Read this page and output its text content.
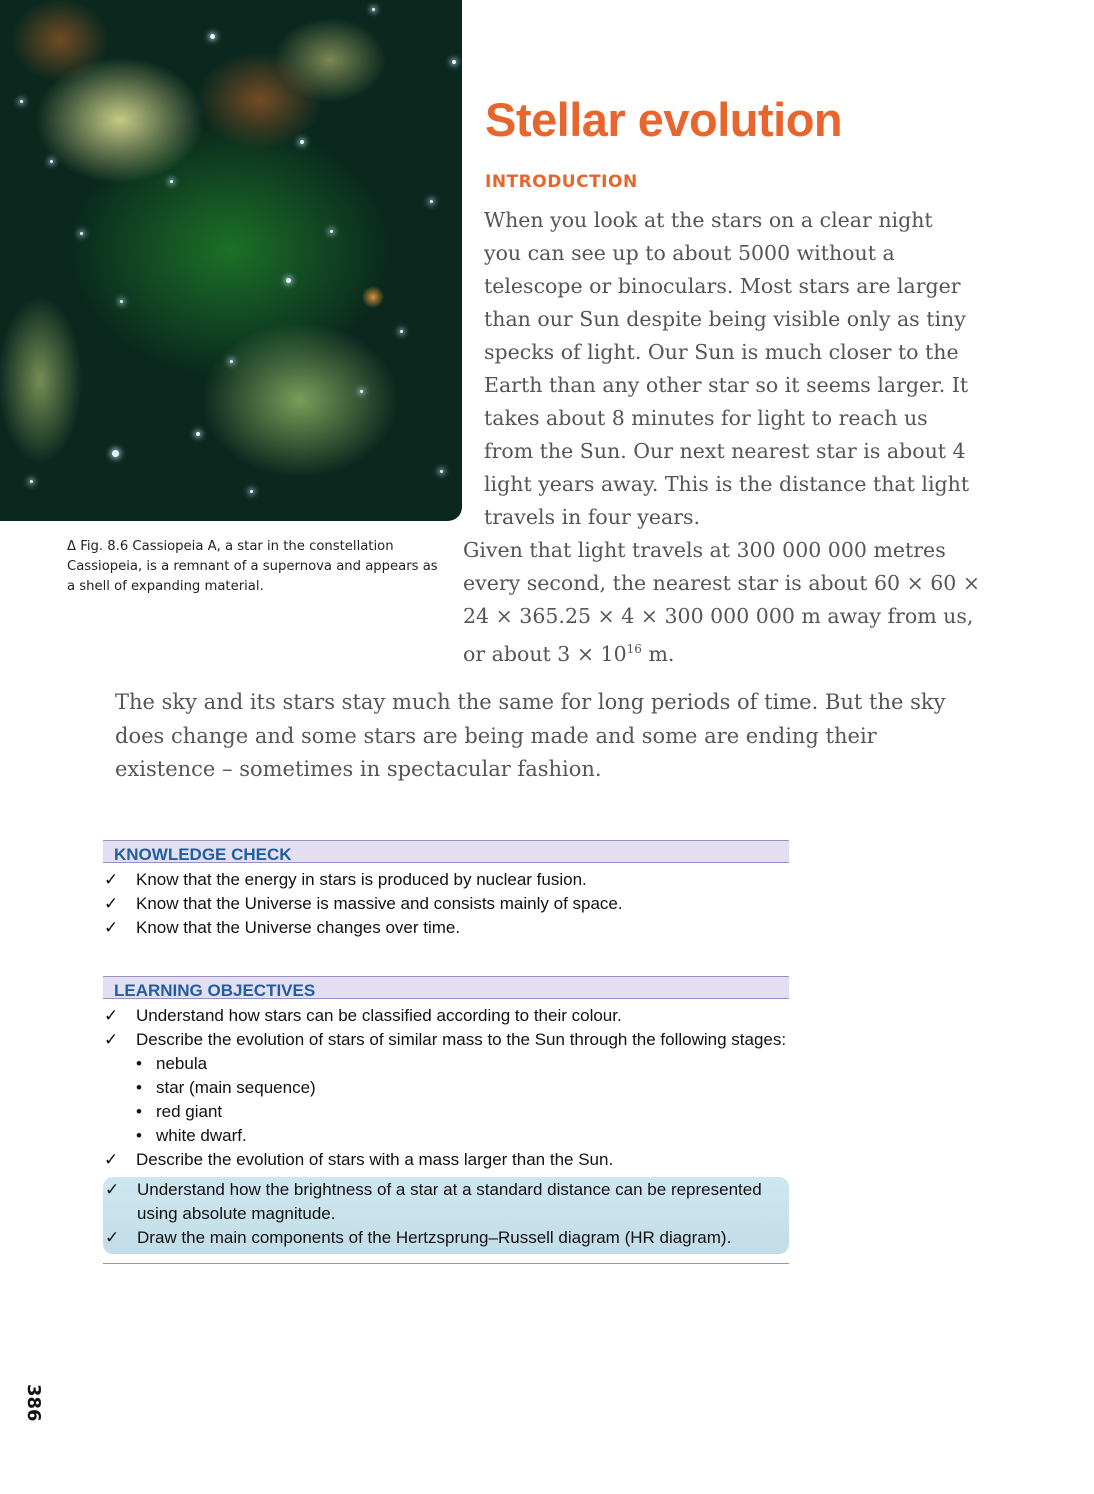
Δ Fig. 8.6 Cassiopeia A, a star in the constellation Cassiopeia, is a remnant of a supernova and appears as a shell of expanding material.
Stellar evolution
INTRODUCTION
When you look at the stars on a clear night you can see up to about 5000 without a telescope or binoculars. Most stars are larger than our Sun despite being visible only as tiny specks of light. Our Sun is much closer to the Earth than any other star so it seems larger. It takes about 8 minutes for light to reach us from the Sun. Our next nearest star is about 4 light years away. This is the distance that light travels in four years.
Given that light travels at 300 000 000 metres every second, the nearest star is about 60 × 60 × 24 × 365.25 × 4 × 300 000 000 m away from us, or about $3 \times 10^{16}$ m.
The sky and its stars stay much the same for long periods of time. But the sky does change and some stars are being made and some are ending their existence – sometimes in spectacular fashion.
KNOWLEDGE CHECK
✓ Know that the energy in stars is produced by nuclear fusion.
✓ Know that the Universe is massive and consists mainly of space.
✓ Know that the Universe changes over time.
LEARNING OBJECTIVES
✓ Understand how stars can be classified according to their colour.
✓ Describe the evolution of stars of similar mass to the Sun through the following stages:
• nebula
• star (main sequence)
• red giant
• white dwarf.
✓ Describe the evolution of stars with a mass larger than the Sun.
✓ Understand how the brightness of a star at a standard distance can be represented using absolute magnitude.
✓ Draw the main components of the Hertzsprung–Russell diagram (HR diagram).
386
